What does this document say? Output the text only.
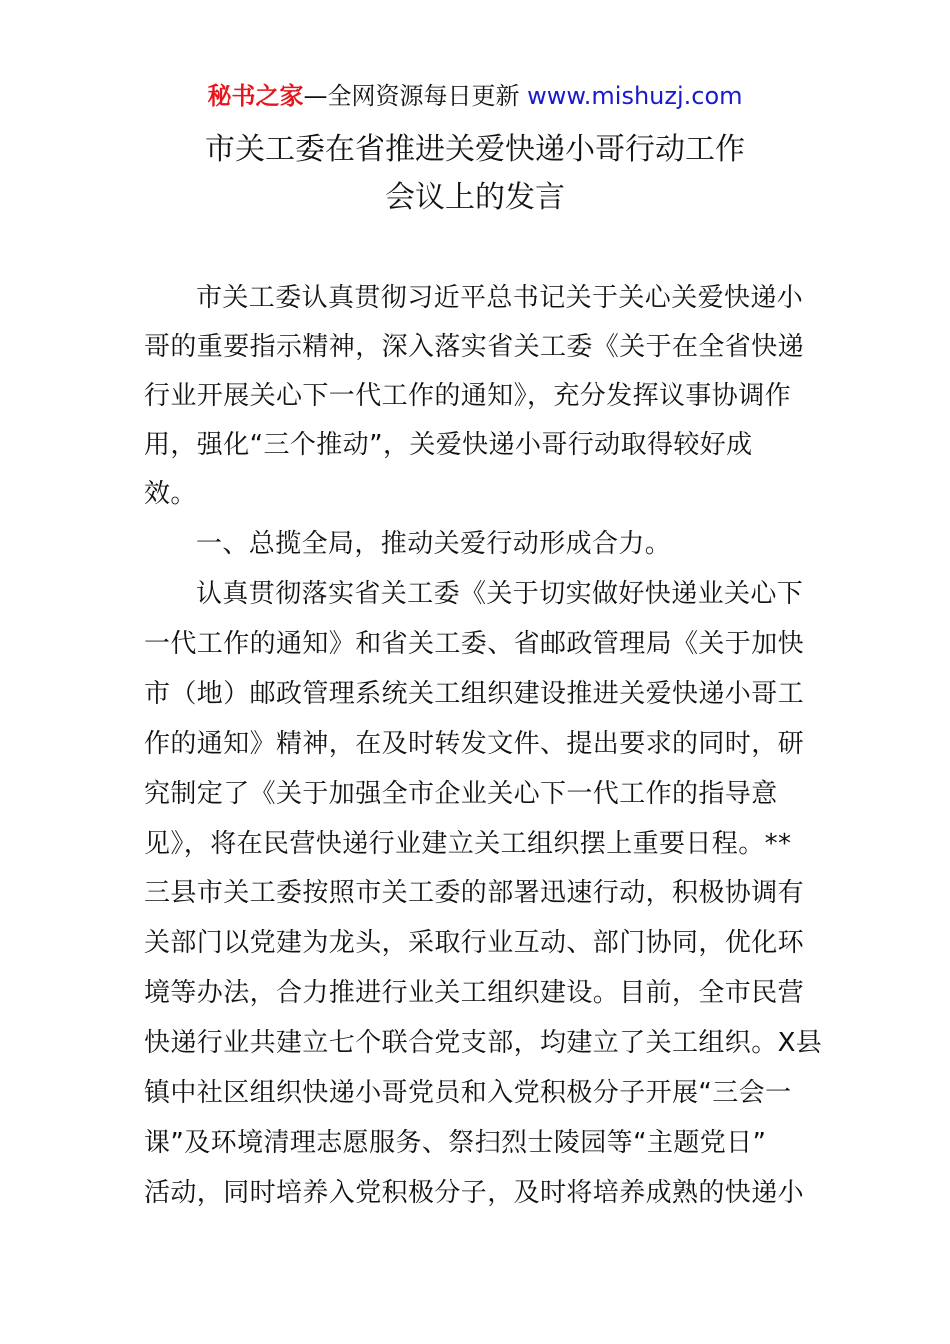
秘书之家—全网资源每日更新 www.mishuzj.com
市关工委在省推进关爱快递小哥行动工作
会议上的发言
市关工委认真贯彻习近平总书记关于关心关爱快递小
哥的重要指示精神，深入落实省关工委《关于在全省快递
行业开展关心下一代工作的通知》，充分发挥议事协调作
用，强化“三个推动”，关爱快递小哥行动取得较好成
效。
一、总揽全局，推动关爱行动形成合力。
认真贯彻落实省关工委《关于切实做好快递业关心下
一代工作的通知》和省关工委、省邮政管理局《关于加快
市（地）邮政管理系统关工组织建设推进关爱快递小哥工
作的通知》精神，在及时转发文件、提出要求的同时，研
究制定了《关于加强全市企业关心下一代工作的指导意
见》，将在民营快递行业建立关工组织摆上重要日程。**
三县市关工委按照市关工委的部署迅速行动，积极协调有
关部门以党建为龙头，采取行业互动、部门协同，优化环
境等办法，合力推进行业关工组织建设。目前，全市民营
快递行业共建立七个联合党支部，均建立了关工组织。X县
镇中社区组织快递小哥党员和入党积极分子开展“三会一
课”及环境清理志愿服务、祭扫烈士陵园等“主题党日”
活动，同时培养入党积极分子，及时将培养成熟的快递小
